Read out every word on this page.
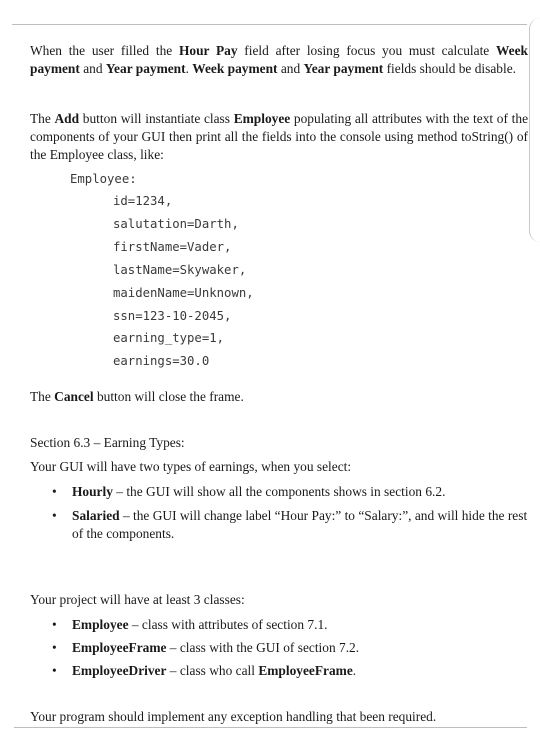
When the user filled the Hour Pay field after losing focus you must calculate Week payment and Year payment. Week payment and Year payment fields should be disable.

The Add button will instantiate class Employee populating all attributes with the text of the components of your GUI then print all the fields into the console using method toString() of the Employee class, like:

Employee:
id=1234,
salutation=Darth,
firstName=Vader,
lastName=Skywaker,
maidenName=Unknown,
ssn=123-10-2045,
earning_type=1,
earnings=30.0

The Cancel button will close the frame.

Section 6.3 – Earning Types:

Your GUI will have two types of earnings, when you select:

• Hourly – the GUI will show all the components shows in section 6.2.
• Salaried – the GUI will change label “Hour Pay:” to “Salary:”, and will hide the rest of the components.

Your project will have at least 3 classes:

• Employee – class with attributes of section 7.1.
• EmployeeFrame – class with the GUI of section 7.2.
• EmployeeDriver – class who call EmployeeFrame.

Your program should implement any exception handling that been required.
